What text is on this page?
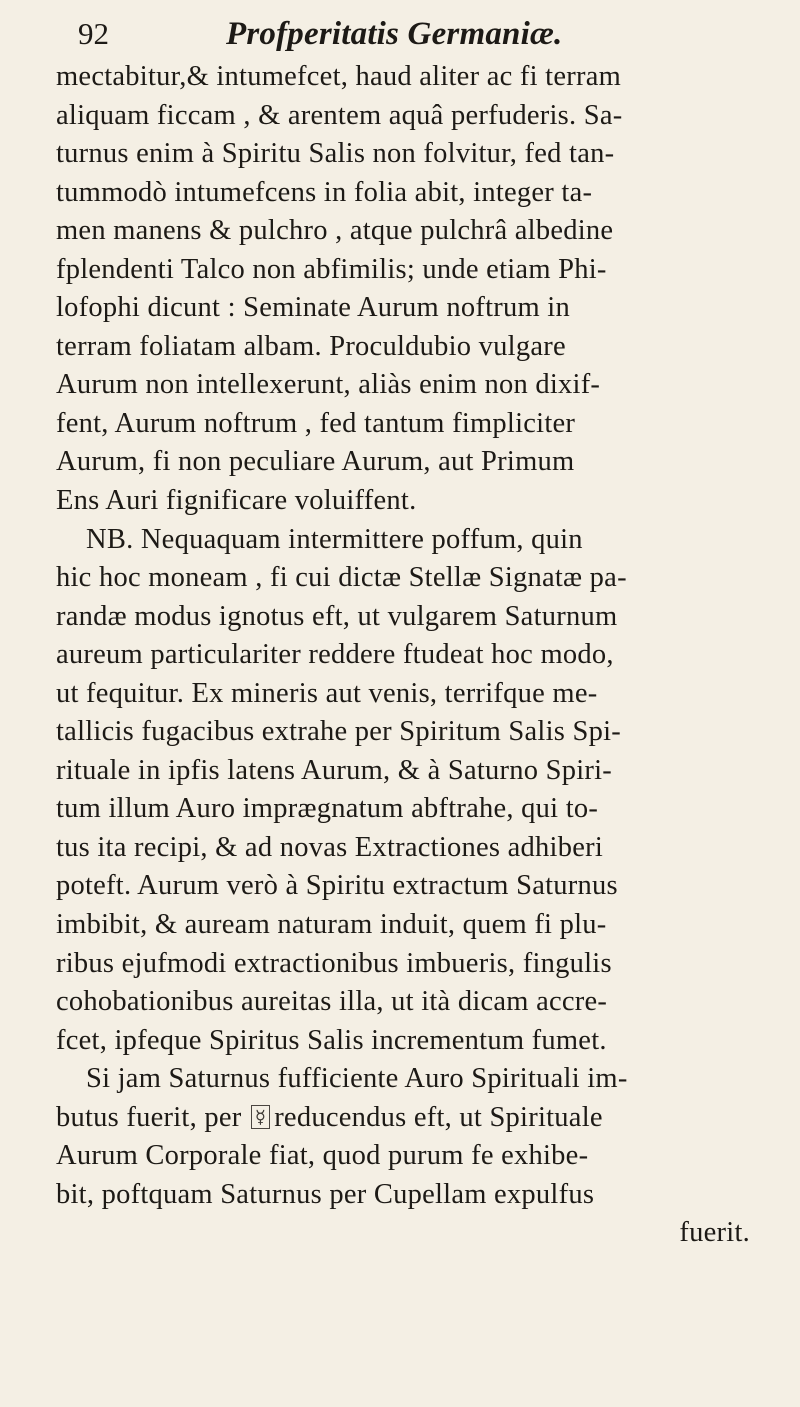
92	Profperitatis Germaniæ.
mectabitur,& intumefcet, haud aliter ac fi terram
aliquam ficcam , & arentem aquâ perfuderis. Sa-
turnus enim à Spiritu Salis non folvitur, fed tan-
tummodò intumefcens in folia abit, integer ta-
men manens & pulchro , atque pulchrâ albedine
fplendenti Talco non abfimilis; unde etiam Phi-
lofophi dicunt : Seminate Aurum noftrum in
terram foliatam albam. Proculdubio vulgare
Aurum non intellexerunt, aliàs enim non dixif-
fent, Aurum noftrum , fed tantum fimpliciter
Aurum, fi non peculiare Aurum, aut Primum
Ens Auri fignificare voluiffent.
NB. Nequaquam intermittere poffum, quin
hic hoc moneam , fi cui dictæ Stellæ Signatæ pa-
randæ modus ignotus eft, ut vulgarem Saturnum
aureum particulariter reddere ftudeat hoc modo,
ut fequitur. Ex mineris aut venis, terrifque me-
tallicis fugacibus extrahe per Spiritum Salis Spi-
rituale in ipfis latens Aurum, & à Saturno Spiri-
tum illum Auro imprægnatum abftrahe, qui to-
tus ita recipi, & ad novas Extractiones adhiberi
poteft. Aurum verò à Spiritu extractum Saturnus
imbibit, & auream naturam induit, quem fi plu-
ribus ejufmodi extractionibus imbueris, fingulis
cohobationibus aureitas illa, ut ità dicam accre-
fcet, ipfeque Spiritus Salis incrementum fumet.
Si jam Saturnus fufficiente Auro Spirituali im-
butus fuerit, per ☿ reducendus eft, ut Spirituale
Aurum Corporale fiat, quod purum fe exhibe-
bit, poftquam Saturnus per Cupellam expulfus
fuerit.
